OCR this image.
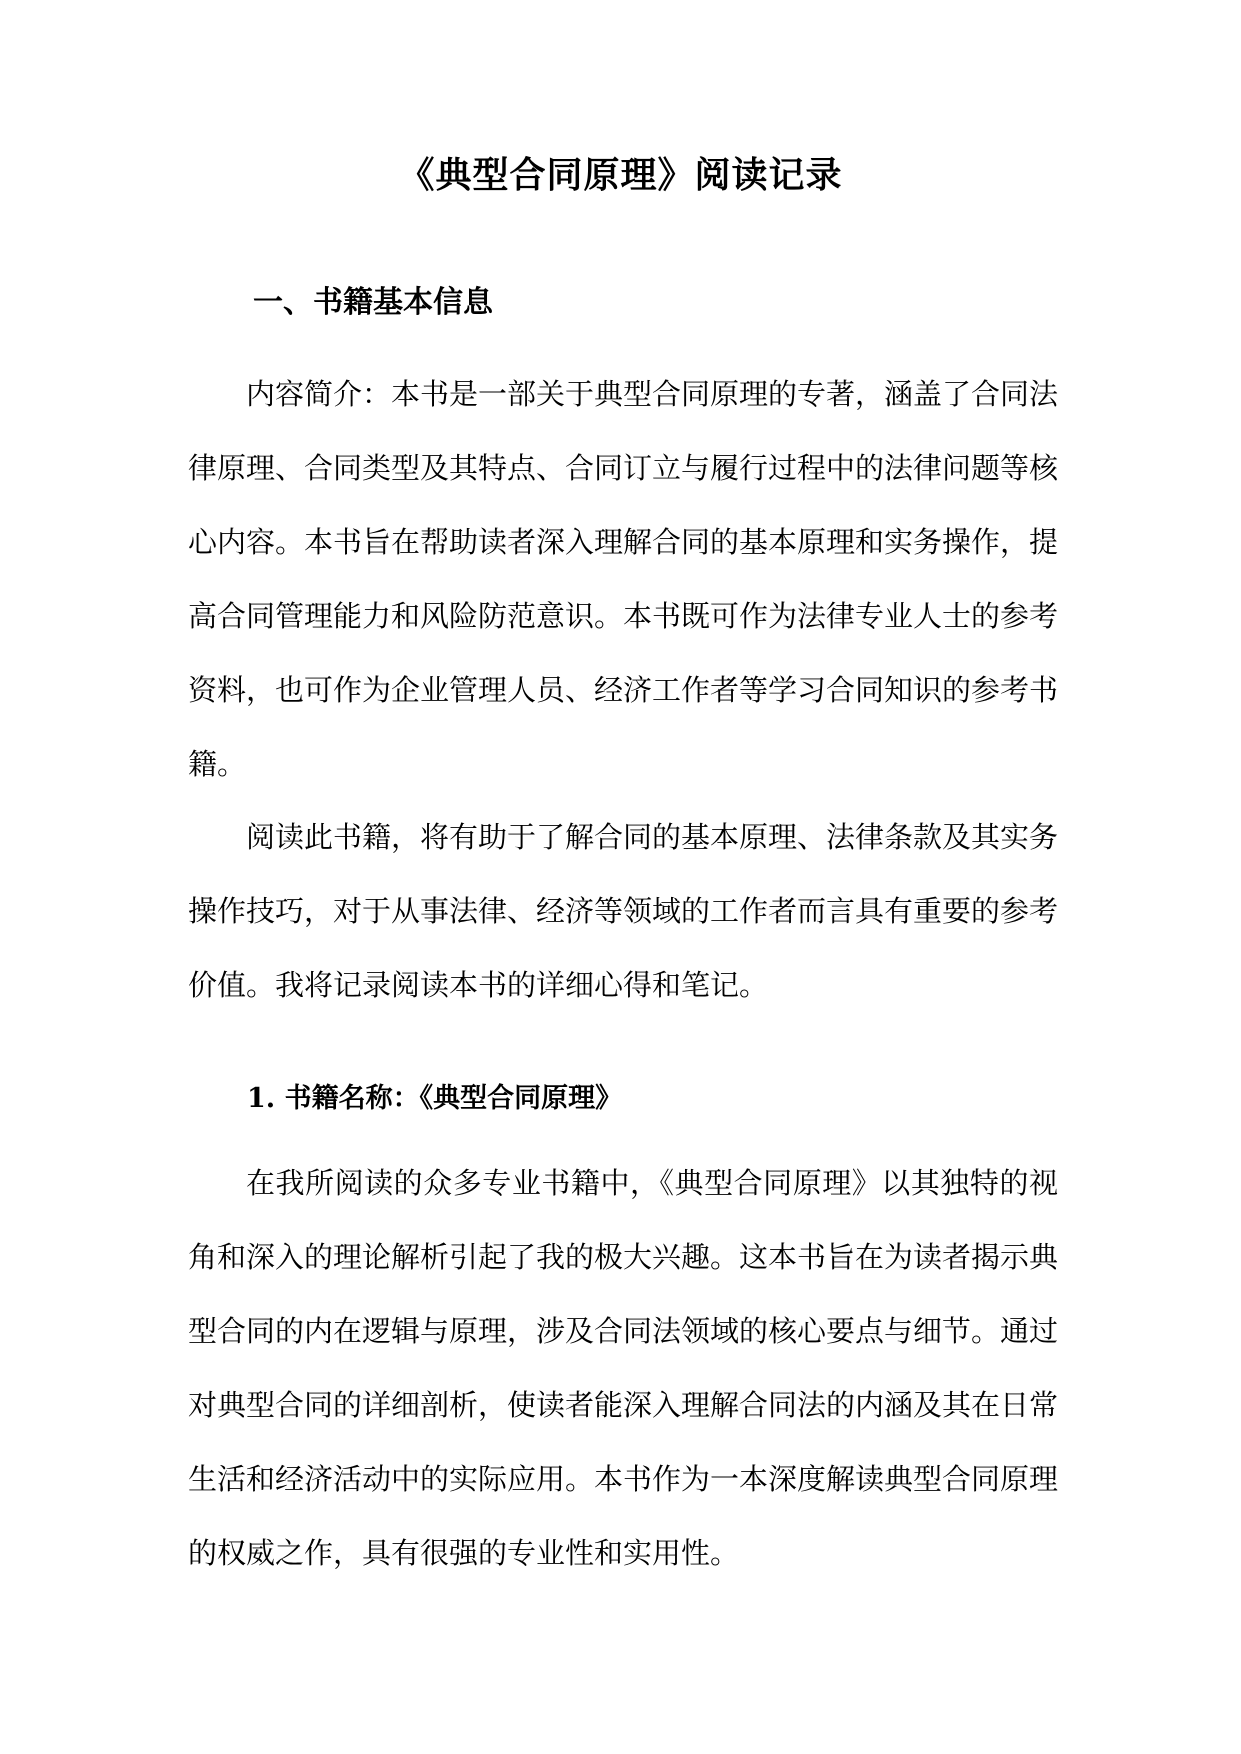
《典型合同原理》阅读记录
一、书籍基本信息

内容简介：本书是一部关于典型合同原理的专著，涵盖了合同法律原理、合同类型及其特点、合同订立与履行过程中的法律问题等核心内容。本书旨在帮助读者深入理解合同的基本原理和实务操作，提高合同管理能力和风险防范意识。本书既可作为法律专业人士的参考资料，也可作为企业管理人员、经济工作者等学习合同知识的参考书籍。

阅读此书籍，将有助于了解合同的基本原理、法律条款及其实务操作技巧，对于从事法律、经济等领域的工作者而言具有重要的参考价值。我将记录阅读本书的详细心得和笔记。

1. 书籍名称：《典型合同原理》

在我所阅读的众多专业书籍中，《典型合同原理》以其独特的视角和深入的理论解析引起了我的极大兴趣。这本书旨在为读者揭示典型合同的内在逻辑与原理，涉及合同法领域的核心要点与细节。通过对典型合同的详细剖析，使读者能深入理解合同法的内涵及其在日常生活和经济活动中的实际应用。本书作为一本深度解读典型合同原理的权威之作，具有很强的专业性和实用性。
